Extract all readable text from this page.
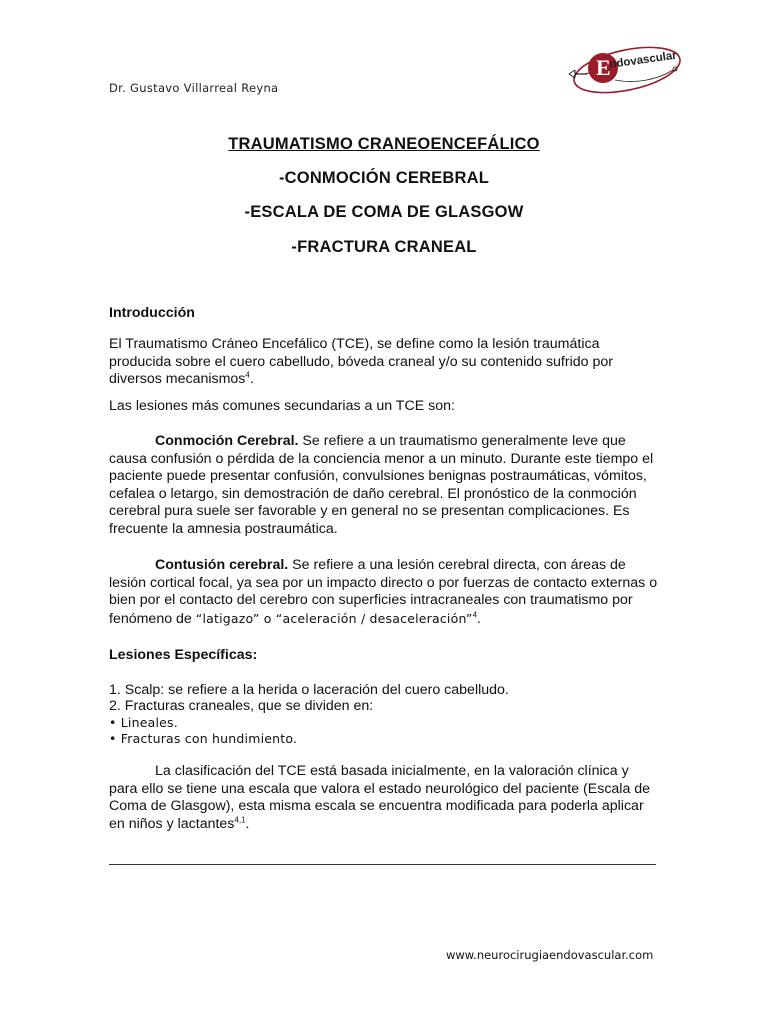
Dr. Gustavo Villarreal Reyna
E
ndovascular
TRAUMATISMO CRANEOENCEFÁLICO
-CONMOCIÓN CEREBRAL
-ESCALA DE COMA DE GLASGOW
-FRACTURA CRANEAL

Introducción

El Traumatismo Cráneo Encefálico (TCE), se define como la lesión traumática producida sobre el cuero cabelludo, bóveda craneal y/o su contenido sufrido por diversos mecanismos$^4$.

Las lesiones más comunes secundarias a un TCE son:

Conmoción Cerebral. Se refiere a un traumatismo generalmente leve que causa confusión o pérdida de la conciencia menor a un minuto. Durante este tiempo el paciente puede presentar confusión, convulsiones benignas postraumáticas, vómitos, cefalea o letargo, sin demostración de daño cerebral. El pronóstico de la conmoción cerebral pura suele ser favorable y en general no se presentan complicaciones. Es frecuente la amnesia postraumática.

Contusión cerebral. Se refiere a una lesión cerebral directa, con áreas de lesión cortical focal, ya sea por un impacto directo o por fuerzas de contacto externas o bien por el contacto del cerebro con superficies intracraneales con traumatismo por fenómeno de “latigazo” o “aceleración / desaceleración”$^4$.

Lesiones Específicas:

1. Scalp: se refiere a la herida o laceración del cuero cabelludo.

2. Fracturas craneales, que se dividen en:

• Lineales.

• Fracturas con hundimiento.

La clasificación del TCE está basada inicialmente, en la valoración clínica y para ello se tiene una escala que valora el estado neurológico del paciente (Escala de Coma de Glasgow), esta misma escala se encuentra modificada para poderla aplicar en niños y lactantes$^{4,1}$.

www.neurocirugiaendovascular.com
